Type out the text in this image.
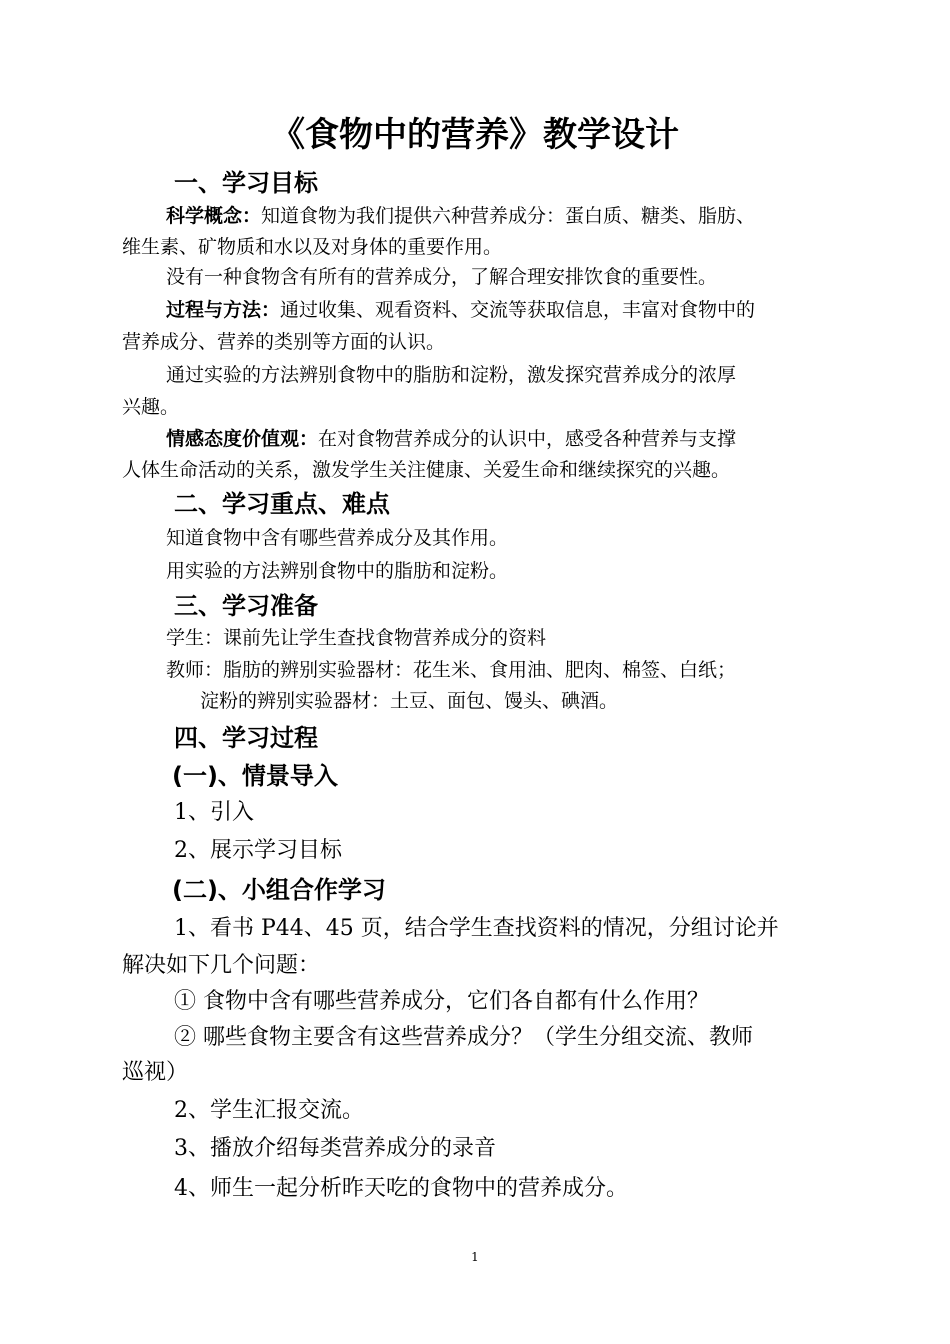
《食物中的营养》教学设计
一、学习目标
科学概念：知道食物为我们提供六种营养成分：蛋白质、糖类、脂肪、
维生素、矿物质和水以及对身体的重要作用。
没有一种食物含有所有的营养成分，了解合理安排饮食的重要性。
过程与方法：通过收集、观看资料、交流等获取信息，丰富对食物中的
营养成分、营养的类别等方面的认识。
通过实验的方法辨别食物中的脂肪和淀粉，激发探究营养成分的浓厚
兴趣。
情感态度价值观：在对食物营养成分的认识中，感受各种营养与支撑
人体生命活动的关系，激发学生关注健康、关爱生命和继续探究的兴趣。
二、学习重点、难点
知道食物中含有哪些营养成分及其作用。
用实验的方法辨别食物中的脂肪和淀粉。
三、学习准备
学生：课前先让学生查找食物营养成分的资料
教师：脂肪的辨别实验器材：花生米、食用油、肥肉、棉签、白纸；
淀粉的辨别实验器材：土豆、面包、馒头、碘酒。
四、学习过程
(一)、情景导入
1、引入
2、展示学习目标
(二)、小组合作学习
1、看书 P44、45 页，结合学生查找资料的情况，分组讨论并
解决如下几个问题：
① 食物中含有哪些营养成分，它们各自都有什么作用？
② 哪些食物主要含有这些营养成分？（学生分组交流、教师
巡视）
2、学生汇报交流。
3、播放介绍每类营养成分的录音
4、师生一起分析昨天吃的食物中的营养成分。
1
